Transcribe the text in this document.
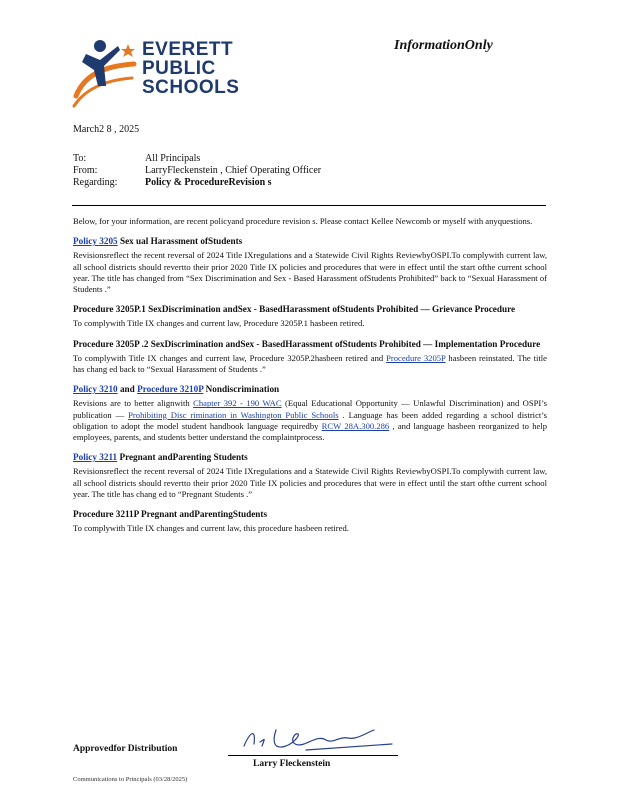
EVERETT
PUBLIC
SCHOOLS
InformationOnly
March2 8 , 2025
To:	All Principals
From:	LarryFleckenstein , Chief Operating Officer
Regarding:	Policy & ProcedureRevision s

Below, for your information, are recent policyand procedure revision s. Please contact Kellee Newcomb or myself with anyquestions.

Policy 3205 Sex ual Harassment ofStudents

Revisionsreflect the recent reversal of 2024 Title IXregulations and a Statewide Civil Rights ReviewbyOSPI.To complywith current law, all school districts should revertto their prior 2020 Title IX policies and procedures that were in effect until the start ofthe current school year. The title has changed from “Sex Discrimination and Sex - Based Harassment ofStudents Prohibited” back to “Sexual Harassment of Students .”

Procedure 3205P.1 SexDiscrimination andSex - BasedHarassment ofStudents Prohibited — Grievance Procedure

To complywith Title IX changes and current law, Procedure 3205P.1 hasbeen retired.

Procedure 3205P .2 SexDiscrimination andSex - BasedHarassment ofStudents Prohibited — Implementation Procedure

To complywith Title IX changes and current law, Procedure 3205P.2hasbeen retired and Procedure 3205P hasbeen reinstated. The title has chang ed back to “Sexual Harassment of Students .”

Policy 3210 and Procedure 3210P Nondiscrimination

Revisions are to better alignwith Chapter 392 - 190 WAC (Equal Educational Opportunity — Unlawful Discrimination) and OSPI’s publication — Prohibiting Disc rimination in Washington Public Schools . Language has been added regarding a school district’s obligation to adopt the model student handbook language requiredby RCW 28A.300.286 , and language hasbeen reorganized to help employees, parents, and students better understand the complaintprocess.

Policy 3211 Pregnant andParenting Students

Revisionsreflect the recent reversal of 2024 Title IXregulations and a Statewide Civil Rights ReviewbyOSPI.To complywith current law, all school districts should revertto their prior 2020 Title IX policies and procedures that were in effect until the start ofthe current school year. The title has chang ed to “Pregnant Students .”

Procedure 3211P Pregnant andParentingStudents

To complywith Title IX changes and current law, this procedure hasbeen retired.

Approvedfor Distribution
Larry Fleckenstein
Communications to Principals (03/28/2025)
